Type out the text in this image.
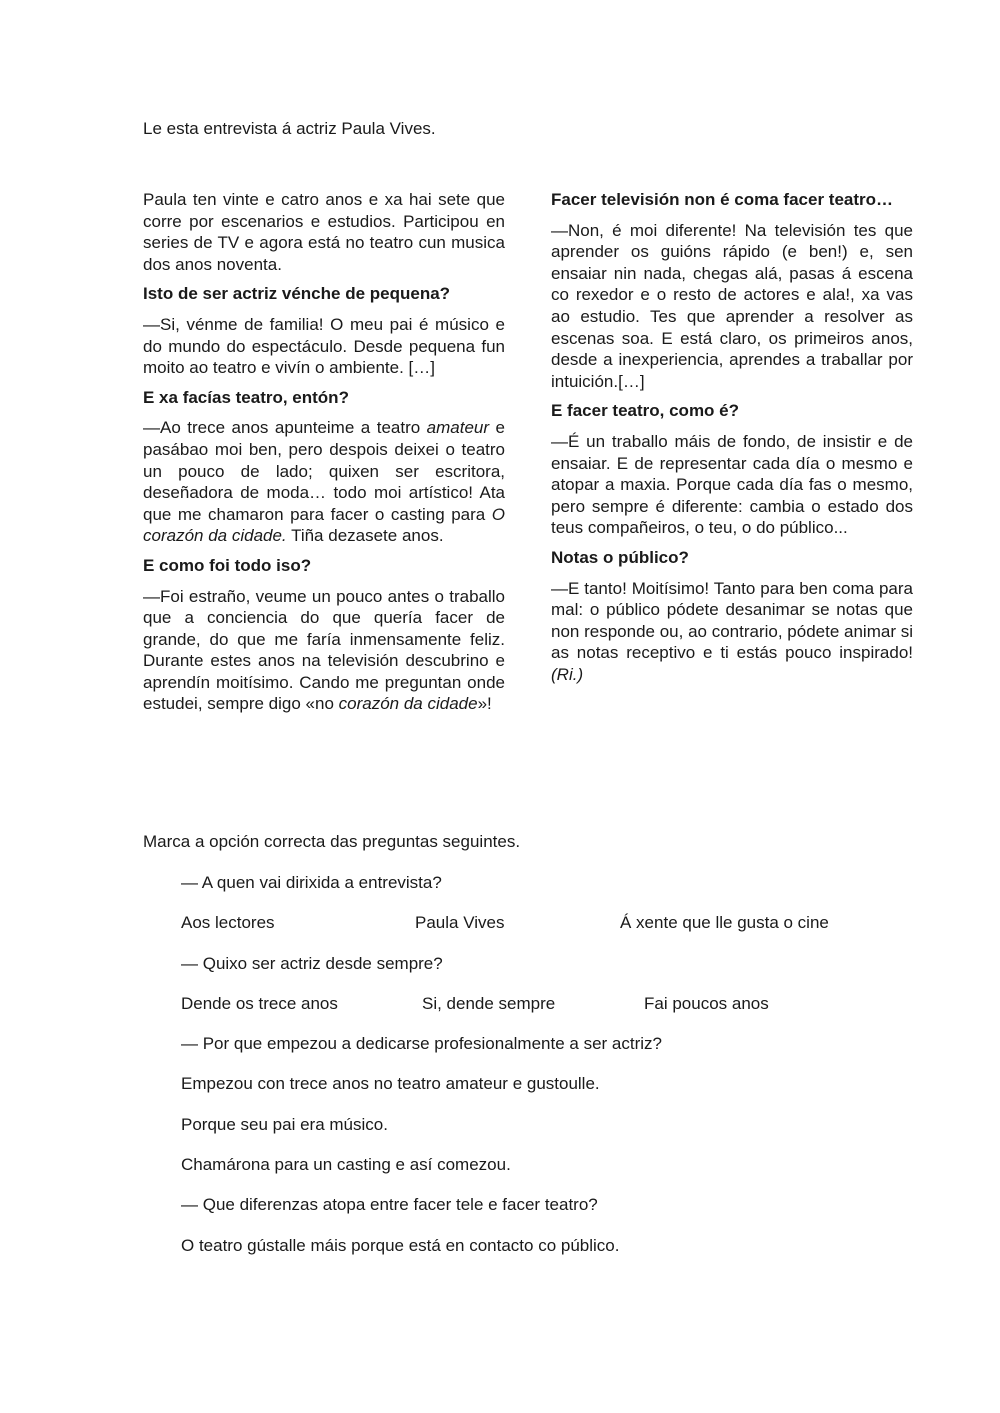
Le esta entrevista á actriz Paula Vives.

Paula ten vinte e catro anos e xa hai sete que corre por escenarios e estudios. Participou en series de TV e agora está no teatro cun musica dos anos noventa.

Isto de ser actriz vénche de pequena?

—Si, vénme de familia! O meu pai é músico e do mundo do espectáculo. Desde pequena fun moito ao teatro e vivín o ambiente. […]

E xa facías teatro, entón?

—Ao trece anos apunteime a teatro amateur e pasábao moi ben, pero despois deixei o teatro un pouco de lado; quixen ser escritora, deseñadora de moda… todo moi artístico! Ata que me chamaron para facer o casting para O corazón da cidade. Tiña dezasete anos.

E como foi todo iso?

—Foi estraño, veume un pouco antes o traballo que a conciencia do que quería facer de grande, do que me faría inmensamente feliz. Durante estes anos na televisión descubrino e aprendín moitísimo. Cando me preguntan onde estudei, sempre digo «no corazón da cidade»!

Facer televisión non é coma facer teatro…

—Non, é moi diferente! Na televisión tes que aprender os guións rápido (e ben!) e, sen ensaiar nin nada, chegas alá, pasas á escena co rexedor e o resto de actores e ala!, xa vas ao estudio. Tes que aprender a resolver as escenas soa. E está claro, os primeiros anos, desde a inexperiencia, aprendes a traballar por intuición.[…]

E facer teatro, como é?

—É un traballo máis de fondo, de insistir e de ensaiar. E de representar cada día o mesmo e atopar a maxia. Porque cada día fas o mesmo, pero sempre é diferente: cambia o estado dos teus compañeiros, o teu, o do público...

Notas o público?

—E tanto! Moitísimo! Tanto para ben coma para mal: o público pódete desanimar se notas que non responde ou, ao contrario, pódete animar si as notas receptivo e ti estás pouco inspirado! (Ri.)

Marca a opción correcta das preguntas seguintes.

— A quen vai dirixida a entrevista?
Aos lectores	Paula Vives	Á xente que lle gusta o cine
— Quixo ser actriz desde sempre?
Dende os trece anos	Si, dende sempre	Fai poucos anos
— Por que empezou a dedicarse profesionalmente a ser actriz?
Empezou con trece anos no teatro amateur e gustoulle.
Porque seu pai era músico.
Chamárona para un casting e así comezou.
— Que diferenzas atopa entre facer tele e facer teatro?
O teatro gústalle máis porque está en contacto co público.
